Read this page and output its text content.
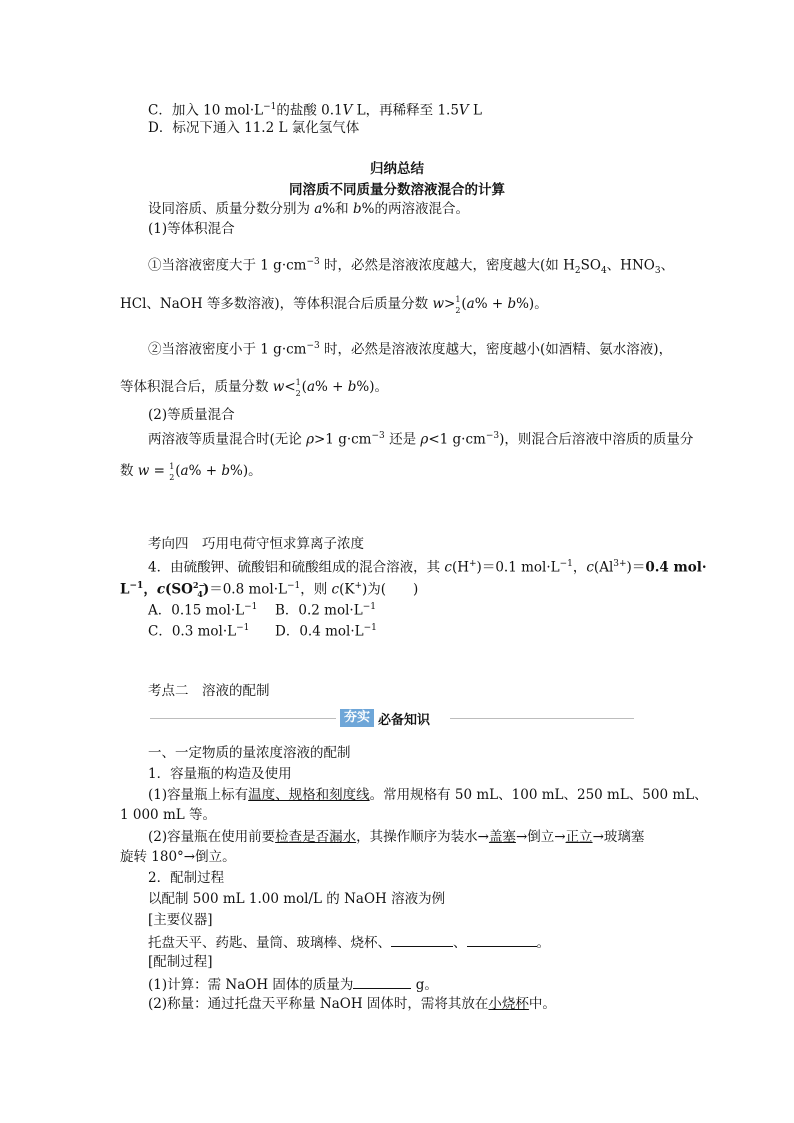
C．加入 10 $mol\cdot L^{-1}$的盐酸 0.1V L，再稀释至 1.5V L
D．标况下通入 11.2 L 氯化氢气体
归纳总结
同溶质不同质量分数溶液混合的计算
设同溶质、质量分数分别为 a%和 b%的两溶液混合。
(1)等体积混合
①当溶液密度大于 1 $g\cdot cm^{-3}$ 时，必然是溶液浓度越大，密度越大(如 $H_2SO_4$、$HNO_3$、
HCl、NaOH 等多数溶液)，等体积混合后质量分数 w> 1
2 (a% + b%)。
②当溶液密度小于 1 $g\cdot cm^{-3}$ 时，必然是溶液浓度越大，密度越小(如酒精、氨水溶液)，
等体积混合后，质量分数 w< 1
2 (a% + b%)。
(2)等质量混合
两溶液等质量混合时(无论 ρ>1 $g\cdot cm^{-3}$ 还是 ρ<1 $g\cdot cm^{-3}$)，则混合后溶液中溶质的质量分
数 w = 1
2 (a% + b%)。
考向四　巧用电荷守恒求算离子浓度
4．由硫酸钾、硫酸铝和硫酸组成的混合溶液，其 c(H+)＝0.1 $mol\cdot L^{-1}$，$c(Al^{3+})=0.4$ mol·
$L^{-1}$，$c(SO^{2-}_4)=0.8$ $mol\cdot L^{-1}$，则 c(K+)为(　　)
A．0.15 $mol\cdot L^{-1}$ B．0.2 $mol\cdot L^{-1}$
C．0.3 $mol\cdot L^{-1}$ D．0.4 $mol\cdot L^{-1}$
考点二　溶液的配制
夯实 必备知识
一、一定物质的量浓度溶液的配制
1．容量瓶的构造及使用
(1)容量瓶上标有温度、规格和刻度线。常用规格有 50 mL、100 mL、250 mL、500 mL、
1 000 mL 等。
(2)容量瓶在使用前要检查是否漏水，其操作顺序为装水→盖塞→倒立→正立→玻璃塞
旋转 180°→倒立。
2．配制过程
以配制 500 mL 1.00 mol/L 的 NaOH 溶液为例
[主要仪器]
托盘天平、药匙、量筒、玻璃棒、烧杯、	、	。
[配制过程]
(1)计算：需 NaOH 固体的质量为	g。
(2)称量：通过托盘天平称量 NaOH 固体时，需将其放在小烧杯中。
